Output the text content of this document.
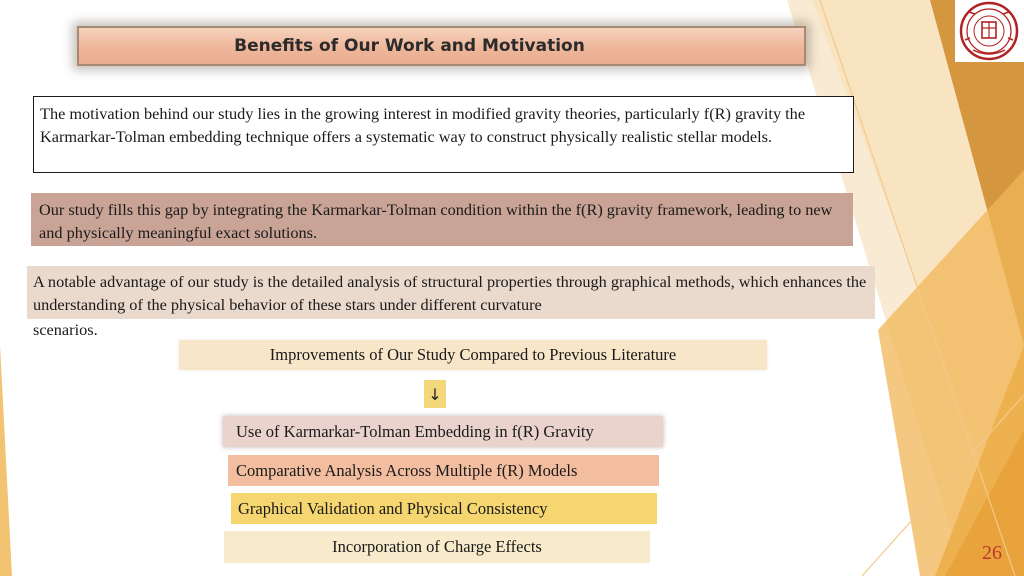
Benefits of Our Work and Motivation
The motivation behind our study lies in the growing interest in modified gravity theories, particularly f(R) gravity the Karmarkar-Tolman embedding technique offers a systematic way to construct physically realistic stellar models.
Our study fills this gap by integrating the Karmarkar-Tolman condition within the f(R) gravity framework, leading to new and physically meaningful exact solutions.
A notable advantage of our study is the detailed analysis of structural properties through graphical methods, which enhances the understanding of the physical behavior of these stars under different curvature
scenarios.
Improvements of Our Study Compared to Previous Literature
↓
Use of Karmarkar-Tolman Embedding in f(R) Gravity
Comparative Analysis Across Multiple f(R) Models
Graphical Validation and Physical Consistency
Incorporation of Charge Effects	26
